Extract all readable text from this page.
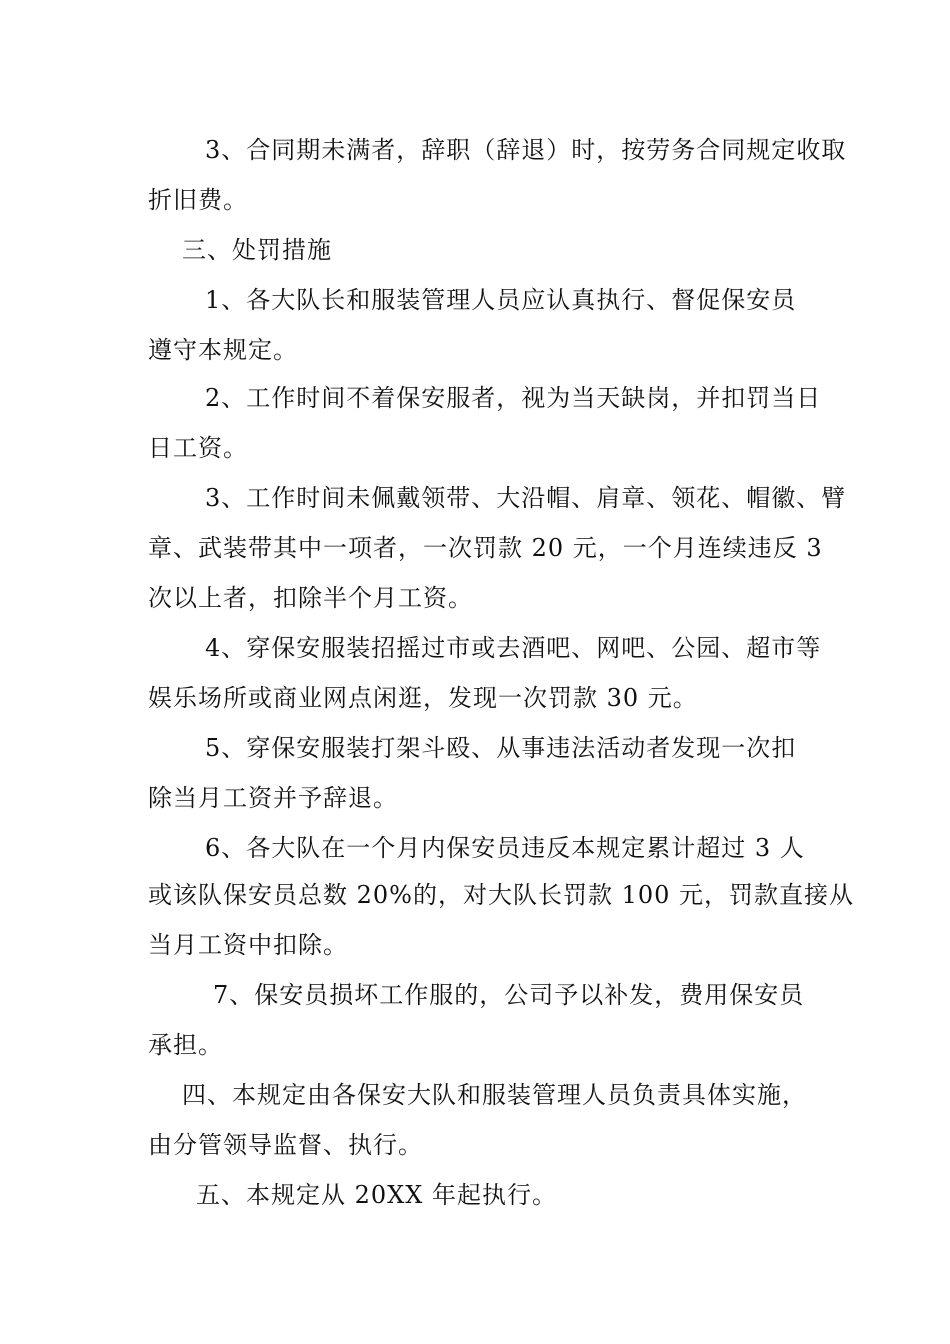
3、合同期未满者，辞职（辞退）时，按劳务合同规定收取
折旧费。
三、处罚措施
1、各大队长和服装管理人员应认真执行、督促保安员
遵守本规定。
2、工作时间不着保安服者，视为当天缺岗，并扣罚当日
日工资。
3、工作时间未佩戴领带、大沿帽、肩章、领花、帽徽、臂
章、武装带其中一项者，一次罚款 20 元，一个月连续违反 3
次以上者，扣除半个月工资。
4、穿保安服装招摇过市或去酒吧、网吧、公园、超市等
娱乐场所或商业网点闲逛，发现一次罚款 30 元。
5、穿保安服装打架斗殴、从事违法活动者发现一次扣
除当月工资并予辞退。
6、各大队在一个月内保安员违反本规定累计超过 3 人
或该队保安员总数 20%的，对大队长罚款 100 元，罚款直接从
当月工资中扣除。
7、保安员损坏工作服的，公司予以补发，费用保安员
承担。
四、本规定由各保安大队和服装管理人员负责具体实施，
由分管领导监督、执行。
五、本规定从 20XX 年起执行。
